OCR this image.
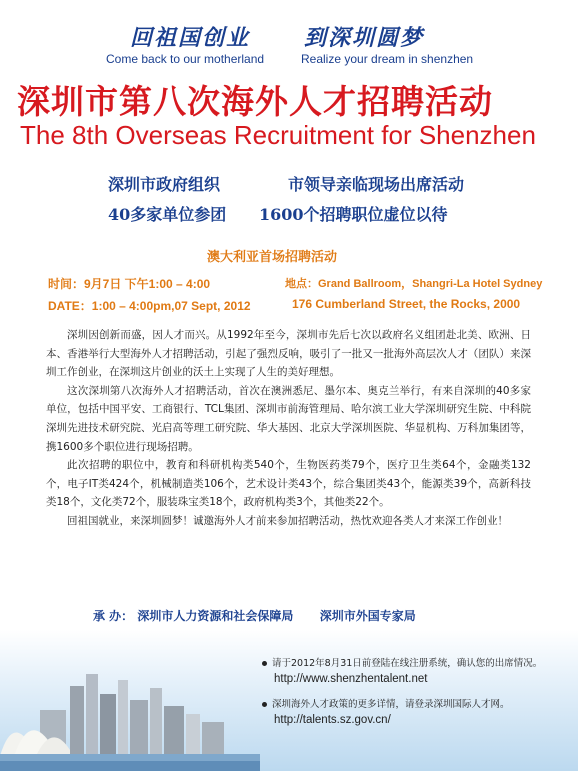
回祖国创业
Come back to our motherland
到深圳圆梦
Realize your dream in shenzhen
深圳市第八次海外人才招聘活动
The 8th Overseas Recruitment for Shenzhen
深圳市政府组织	市领导亲临现场出席活动
40多家单位参团 1600个招聘职位虚位以待
澳大利亚首场招聘活动
时间：9月7日 下午1:00 – 4:00	地点：Grand Ballroom，Shangri-La Hotel Sydney
DATE：1:00 – 4:00pm,07 Sept, 2012	176 Cumberland Street, the Rocks, 2000

深圳因创新而盛，因人才而兴。从1992年至今，深圳市先后七次以政府名义组团赴北美、欧洲、日本、香港举行大型海外人才招聘活动，引起了强烈反响，吸引了一批又一批海外高层次人才（团队）来深圳工作创业，在深圳这片创业的沃土上实现了人生的美好理想。

这次深圳第八次海外人才招聘活动，首次在澳洲悉尼、墨尔本、奥克兰举行，有来自深圳的40多家单位，包括中国平安、工商银行、TCL集团、深圳市前海管理局、哈尔滨工业大学深圳研究生院、中科院深圳先进技术研究院、光启高等理工研究院、华大基因、北京大学深圳医院、华显机构、万科加集团等，携1600多个职位进行现场招聘。

此次招聘的职位中，教育和科研机构类540个，生物医药类79个，医疗卫生类64个，金融类132个，电子IT类424个，机械制造类106个，艺术设计类43个，综合集团类43个，能源类39个，高新科技类18个，文化类72个，服装珠宝类18个，政府机构类3个，其他类22个。

回祖国就业，来深圳圆梦！诚邀海外人才前来参加招聘活动，热忱欢迎各类人才来深工作创业！

承 办： 深圳市人力资源和社会保障局 深圳市外国专家局
请于2012年8月31日前登陆在线注册系统，确认您的出席情况。
http://www.shenzhentalent.net
深圳海外人才政策的更多详情，请登录深圳国际人才网。
http://talents.sz.gov.cn/
